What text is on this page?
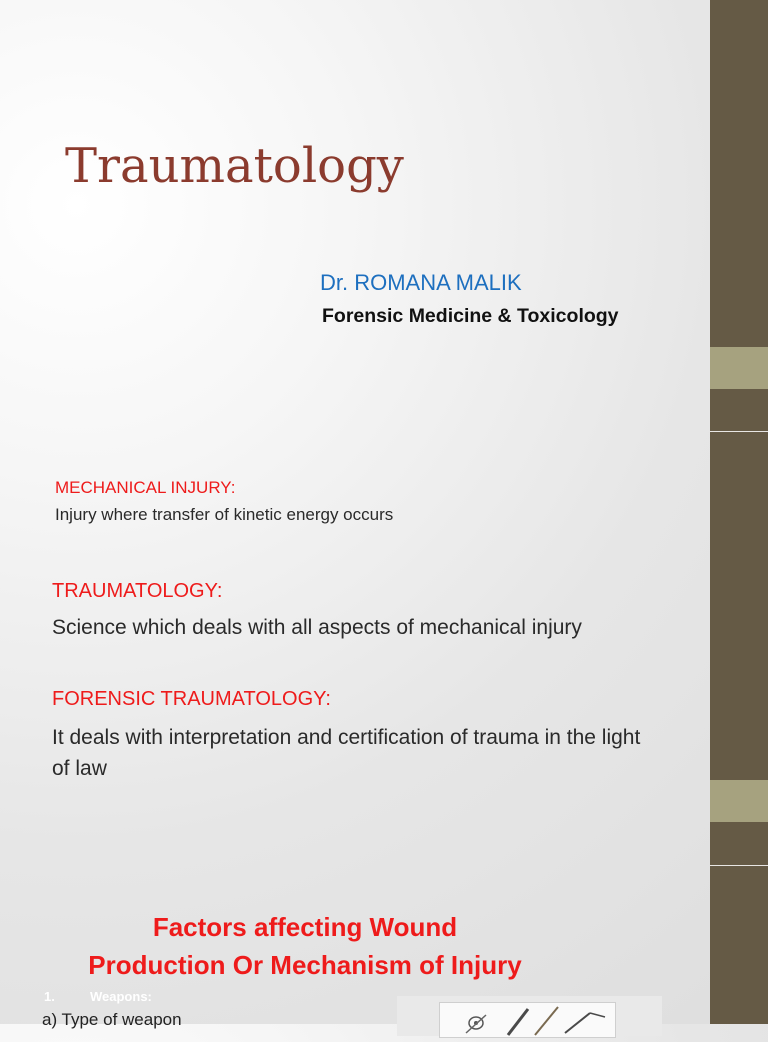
Traumatology
Dr. ROMANA MALIK
Forensic Medicine & Toxicology
MECHANICAL INJURY:
Injury where transfer of kinetic energy occurs
TRAUMATOLOGY:
Science which deals with all aspects of mechanical injury
FORENSIC TRAUMATOLOGY:
It deals with interpretation and certification of trauma in the light of law
Factors affecting Wound
Production Or Mechanism of Injury
1.	Weapons:
a) Type of weapon
